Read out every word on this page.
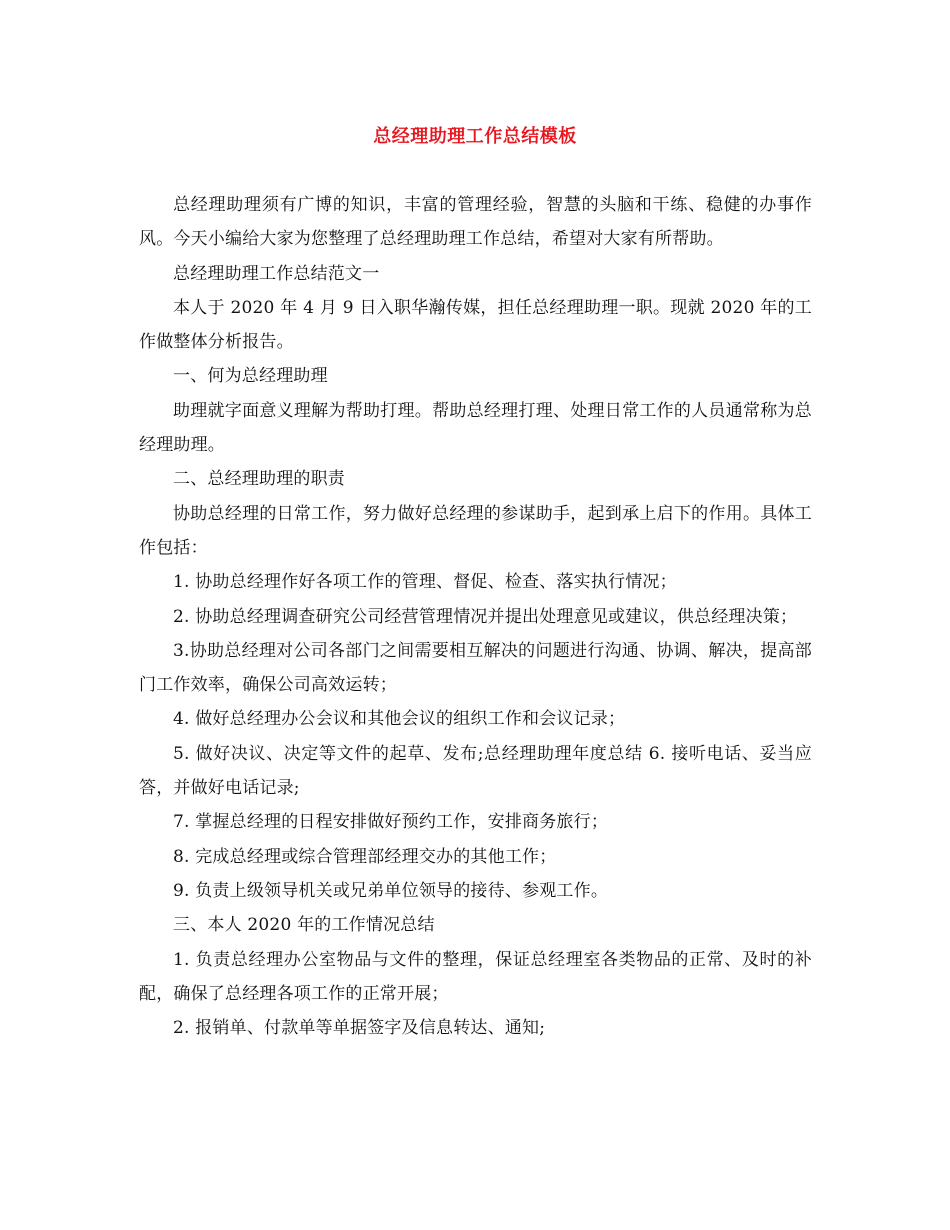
总经理助理工作总结模板

总经理助理须有广博的知识，丰富的管理经验，智慧的头脑和干练、稳健的办事作风。今天小编给大家为您整理了总经理助理工作总结，希望对大家有所帮助。

总经理助理工作总结范文一

本人于 2020 年 4 月 9 日入职华瀚传媒，担任总经理助理一职。现就 2020 年的工作做整体分析报告。

一、何为总经理助理

助理就字面意义理解为帮助打理。帮助总经理打理、处理日常工作的人员通常称为总经理助理。

二、总经理助理的职责

协助总经理的日常工作，努力做好总经理的参谋助手，起到承上启下的作用。具体工作包括：

1. 协助总经理作好各项工作的管理、督促、检查、落实执行情况；

2. 协助总经理调查研究公司经营管理情况并提出处理意见或建议，供总经理决策；

3.协助总经理对公司各部门之间需要相互解决的问题进行沟通、协调、解决，提高部门工作效率，确保公司高效运转；

4. 做好总经理办公会议和其他会议的组织工作和会议记录；

5. 做好决议、决定等文件的起草、发布;总经理助理年度总结 6. 接听电话、妥当应答，并做好电话记录;

7. 掌握总经理的日程安排做好预约工作，安排商务旅行；

8. 完成总经理或综合管理部经理交办的其他工作；

9. 负责上级领导机关或兄弟单位领导的接待、参观工作。

三、本人 2020 年的工作情况总结

1. 负责总经理办公室物品与文件的整理，保证总经理室各类物品的正常、及时的补配，确保了总经理各项工作的正常开展；

2. 报销单、付款单等单据签字及信息转达、通知;
